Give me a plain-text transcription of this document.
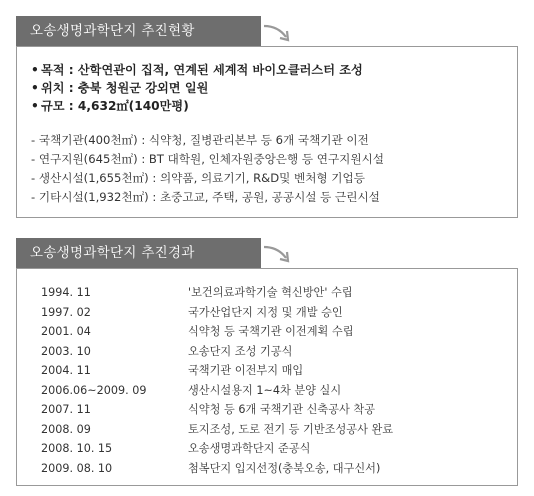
오송생명과학단지 추진현황
• 목적 : 산학연관이 집적, 연계된 세계적 바이오클러스터 조성
• 위치 : 충북 청원군 강외면 일원
• 규모 : 4,632㎡(140만평)
- 국책기관(400천㎡) : 식약청, 질병관리본부 등 6개 국책기관 이전
- 연구지원(645천㎡) : BT 대학원, 인체자원중앙은행 등 연구지원시설
- 생산시설(1,655천㎡) : 의약품, 의료기기, R&D및 벤처형 기업등
- 기타시설(1,932천㎡) : 초중고교, 주택, 공원, 공공시설 등 근린시설
오송생명과학단지 추진경과
1994. 11	'보건의료과학기술 혁신방안' 수립
1997. 02	국가산업단지 지정 및 개발 승인
2001. 04	식약청 등 국책기관 이전계획 수립
2003. 10	오송단지 조성 기공식
2004. 11	국책기관 이전부지 매입
2006.06~2009. 09	생산시설용지 1~4차 분양 실시
2007. 11	식약청 등 6개 국책기관 신축공사 착공
2008. 09	토지조성, 도로 전기 등 기반조성공사 완료
2008. 10. 15	오송생명과학단지 준공식
2009. 08. 10	첨복단지 입지선정(충북오송, 대구신서)
